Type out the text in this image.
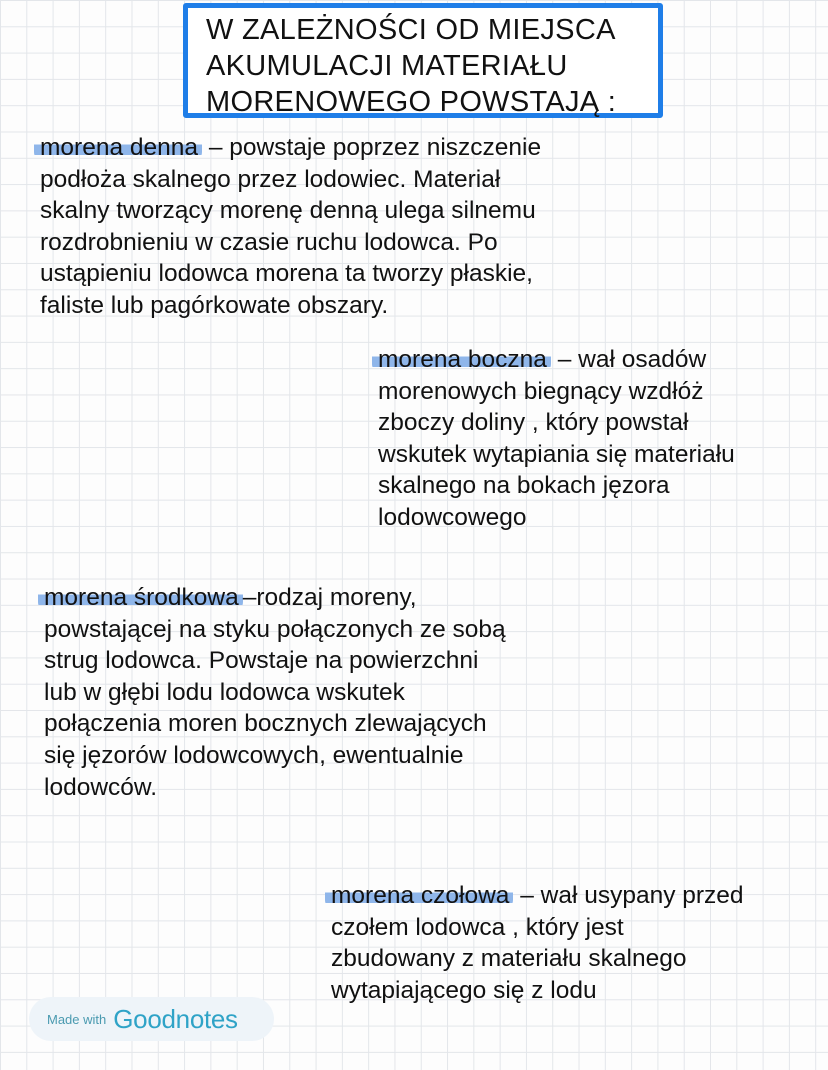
W ZALEŻNOŚCI OD MIEJSCA
AKUMULACJI MATERIAŁU
MORENOWEGO POWSTAJĄ :
morena denna – powstaje poprzez niszczenie
podłoża skalnego przez lodowiec. Materiał
skalny tworzący morenę denną ulega silnemu
rozdrobnieniu w czasie ruchu lodowca. Po
ustąpieniu lodowca morena ta tworzy płaskie,
faliste lub pagórkowate obszary.
morena boczna – wał osadów
morenowych biegnący wzdłóż
zboczy doliny , który powstał
wskutek wytapiania się materiału
skalnego na bokach jęzora
lodowcowego
morena środkowa –rodzaj moreny,
powstającej na styku połączonych ze sobą
strug lodowca. Powstaje na powierzchni
lub w głębi lodu lodowca wskutek
połączenia moren bocznych zlewających
się jęzorów lodowcowych, ewentualnie
lodowców.
morena czołowa – wał usypany przed
czołem lodowca , który jest
zbudowany z materiału skalnego
wytapiającego się z lodu
Made with Goodnotes
